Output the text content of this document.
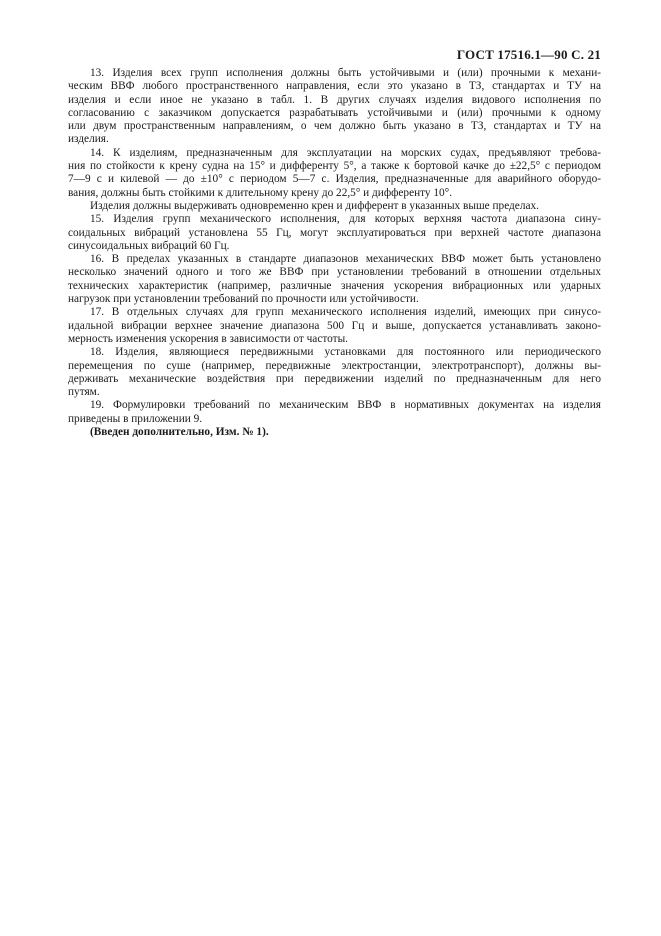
ГОСТ 17516.1—90 С. 21
13. Изделия всех групп исполнения должны быть устойчивыми и (или) прочными к механи-
ческим ВВФ любого пространственного направления, если это указано в ТЗ, стандартах и ТУ на
изделия и если иное не указано в табл. 1. В других случаях изделия видового исполнения по
согласованию с заказчиком допускается разрабатывать устойчивыми и (или) прочными к одному
или двум пространственным направлениям, о чем должно быть указано в ТЗ, стандартах и ТУ на
изделия.
14. К изделиям, предназначенным для эксплуатации на морских судах, предъявляют требова-
ния по стойкости к крену судна на 15° и дифференту 5°, а также к бортовой качке до ±22,5° с периодом
7—9 с и килевой — до ±10° с периодом 5—7 с. Изделия, предназначенные для аварийного оборудо-
вания, должны быть стойкими к длительному крену до 22,5° и дифференту 10°.
Изделия должны выдерживать одновременно крен и дифферент в указанных выше пределах.
15. Изделия групп механического исполнения, для которых верхняя частота диапазона сину-
соидальных вибраций установлена 55 Гц, могут эксплуатироваться при верхней частоте диапазона
синусоидальных вибраций 60 Гц.
16. В пределах указанных в стандарте диапазонов механических ВВФ может быть установлено
несколько значений одного и того же ВВФ при установлении требований в отношении отдельных
технических характеристик (например, различные значения ускорения вибрационных или ударных
нагрузок при установлении требований по прочности или устойчивости.
17. В отдельных случаях для групп механического исполнения изделий, имеющих при синусо-
идальной вибрации верхнее значение диапазона 500 Гц и выше, допускается устанавливать законо-
мерность изменения ускорения в зависимости от частоты.
18. Изделия, являющиеся передвижными установками для постоянного или периодического
перемещения по суше (например, передвижные электростанции, электротранспорт), должны вы-
держивать механические воздействия при передвижении изделий по предназначенным для него
путям.
19. Формулировки требований по механическим ВВФ в нормативных документах на изделия
приведены в приложении 9.
(Введен дополнительно, Изм. № 1).
